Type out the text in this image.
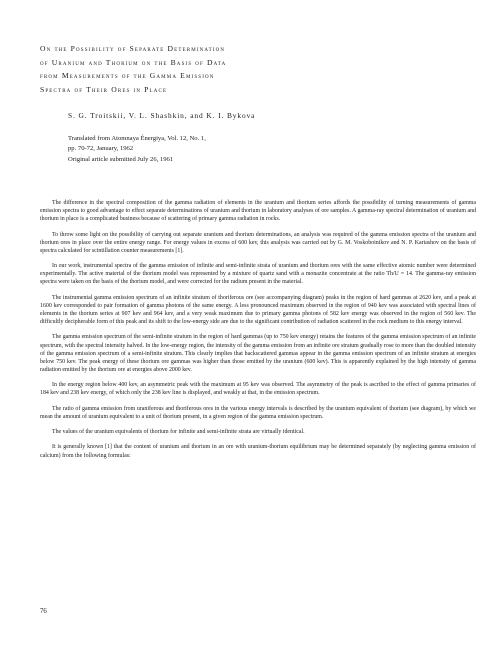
On the Possibility of Separate Determination
of Uranium and Thorium on the Basis of Data
from Measurements of the Gamma Emission
Spectra of Their Ores in Place
S. G. Troitskii, V. L. Shashkin, and K. I. Bykova
Translated from Atomnaya Énergiya, Vol. 12, No. 1,
pp. 70-72, January, 1962
Original article submitted July 26, 1961

The difference in the spectral composition of the gamma radiation of elements in the uranium and thorium series affords the possibility of turning measurements of gamma emission spectra to good advantage to effect separate determinations of uranium and thorium in laboratory analyses of ore samples. A gamma-ray spectral determination of uranium and thorium in place is a complicated business because of scattering of primary gamma radiation in rocks.

To throw some light on the possibility of carrying out separate uranium and thorium determinations, an analysis was required of the gamma emission spectra of the uranium and thorium ores in place over the entire energy range. For energy values in excess of 600 kev, this analysis was carried out by G. M. Voskoboinikov and N. P. Kartashov on the basis of spectra calculated for scintillation counter measurements [1].

In our work, instrumental spectra of the gamma emission of infinite and semi-infinite strata of uranium and thorium ores with the same effective atomic number were determined experimentally. The active material of the thorium model was represented by a mixture of quartz sand with a monazite concentrate at the ratio Th/U = 14. The gamma-ray emission spectra were taken on the basis of the thorium model, and were corrected for the radium present in the material.

The instrumental gamma emission spectrum of an infinite stratum of thoriferous ore (see accompanying diagram) peaks in the region of hard gammas at 2620 kev, and a peak at 1600 kev corresponded to pair formation of gamma photons of the same energy. A less pronounced maximum observed in the region of 940 kev was associated with spectral lines of elements in the thorium series at 907 kev and 964 kev, and a very weak maximum due to primary gamma photons of 582 kev energy was observed in the region of 560 kev. The difficultly decipherable form of this peak and its shift to the low-energy side are due to the significant contribution of radiation scattered in the rock medium to this energy interval.

The gamma emission spectrum of the semi-infinite stratum in the region of hard gammas (up to 750 kev energy) retains the features of the gamma emission spectrum of an infinite spectrum, with the spectral intensity halved. In the low-energy region, the intensity of the gamma emission from an infinite ore stratum gradually rose to more than the doubled intensity of the gamma emission spectrum of a semi-infinite stratum. This clearly implies that backscattered gammas appear in the gamma emission spectrum of an infinite stratum at energies below 750 kev. The peak energy of these thorium ore gammas was higher than those emitted by the uranium (600 kev). This is apparently explained by the high intensity of gamma radiation emitted by the thorium ore at energies above 2000 kev.

In the energy region below 400 kev, an asymmetric peak with the maximum at 95 kev was observed. The asymmetry of the peak is ascribed to the effect of gamma primaries of 184 kev and 238 kev energy, of which only the 238 kev line is displayed, and weakly at that, in the emission spectrum.

The ratio of gamma emission from uraniferous and thoriferous ores in the various energy intervals is described by the uranium equivalent of thorium (see diagram), by which we mean the amount of uranium equivalent to a unit of thorium present, in a given region of the gamma emission spectrum.

The values of the uranium equivalents of thorium for infinite and semi-infinite strata are virtually identical.

It is generally known [1] that the content of uranium and thorium in an ore with uranium-thorium equilibrium may be determined separately (by neglecting gamma emission of calcium) from the following formulas:

76
